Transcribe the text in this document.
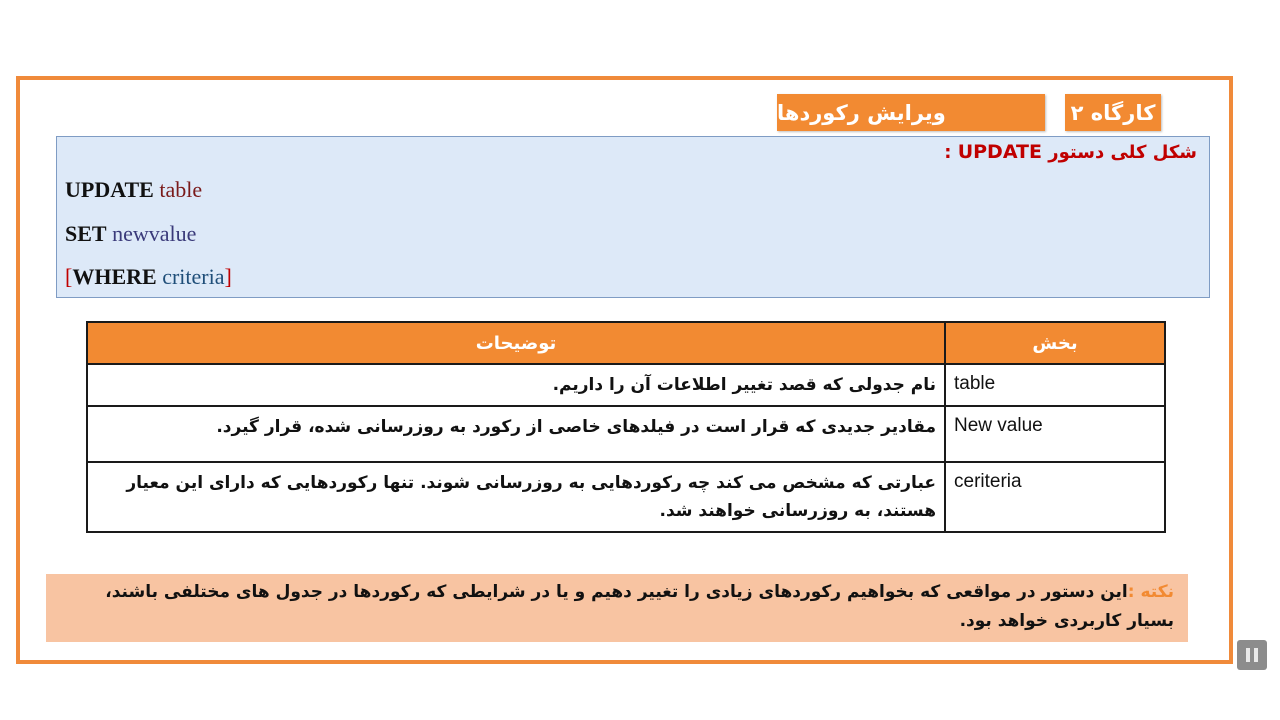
کارگاه ۲
ویرایش رکوردها
شکل کلی دستور UPDATE :
UPDATE table
SET newvalue
[WHERE criteria]
بخش	توضیحات
table	نام جدولی که قصد تغییر اطلاعات آن را داریم.
New value	مقادیر جدیدی که قرار است در فیلدهای خاصی از رکورد به روزرسانی شده، قرار گیرد.
ceriteria	عبارتی که مشخص می کند چه رکوردهایی به روزرسانی شوند. تنها رکوردهایی که دارای این معیار هستند، به روزرسانی خواهند شد.
نکته :این دستور در مواقعی که بخواهیم رکوردهای زیادی را تغییر دهیم و یا در شرایطی که رکوردها در جدول های مختلفی باشند، بسیار کاربردی خواهد بود.
